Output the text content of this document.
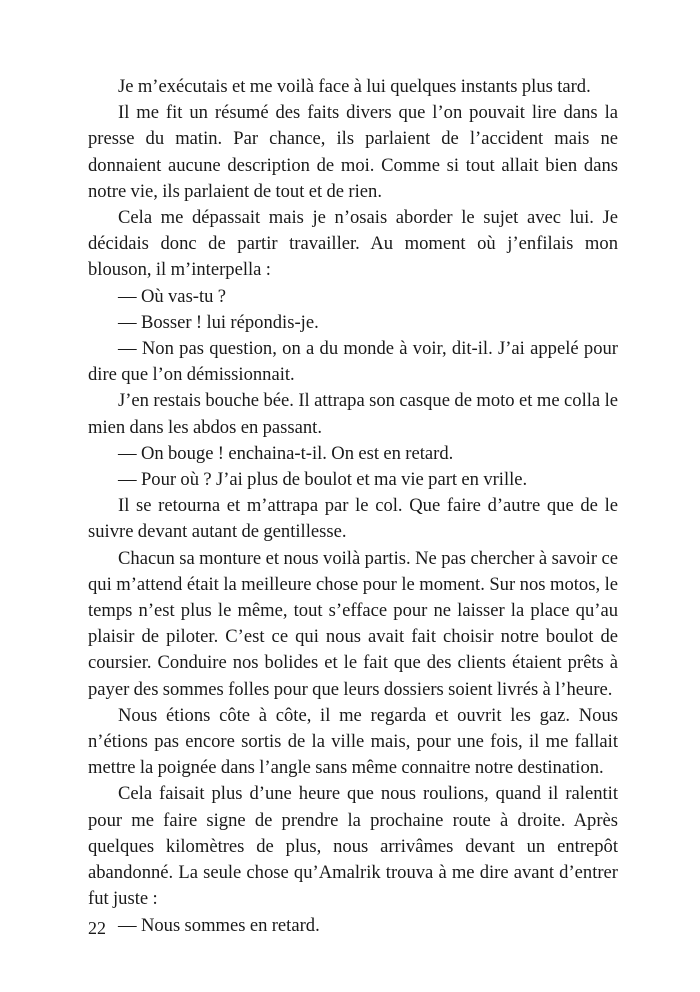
Je m’exécutais et me voilà face à lui quelques instants plus tard.

Il me fit un résumé des faits divers que l’on pouvait lire dans la presse du matin. Par chance, ils parlaient de l’accident mais ne donnaient aucune description de moi. Comme si tout allait bien dans notre vie, ils parlaient de tout et de rien.

Cela me dépassait mais je n’osais aborder le sujet avec lui. Je décidais donc de partir travailler. Au moment où j’enfilais mon blouson, il m’interpella :

— Où vas-tu ?

— Bosser ! lui répondis-je.

— Non pas question, on a du monde à voir, dit-il. J’ai appelé pour dire que l’on démissionnait.

J’en restais bouche bée. Il attrapa son casque de moto et me colla le mien dans les abdos en passant.

— On bouge ! enchaina-t-il. On est en retard.

— Pour où ? J’ai plus de boulot et ma vie part en vrille.

Il se retourna et m’attrapa par le col. Que faire d’autre que de le suivre devant autant de gentillesse.

Chacun sa monture et nous voilà partis. Ne pas chercher à savoir ce qui m’attend était la meilleure chose pour le moment. Sur nos motos, le temps n’est plus le même, tout s’efface pour ne laisser la place qu’au plaisir de piloter. C’est ce qui nous avait fait choisir notre boulot de coursier. Conduire nos bolides et le fait que des clients étaient prêts à payer des sommes folles pour que leurs dossiers soient livrés à l’heure.

Nous étions côte à côte, il me regarda et ouvrit les gaz. Nous n’étions pas encore sortis de la ville mais, pour une fois, il me fallait mettre la poignée dans l’angle sans même connaitre notre destination.

Cela faisait plus d’une heure que nous roulions, quand il ralentit pour me faire signe de prendre la prochaine route à droite. Après quelques kilomètres de plus, nous arrivâmes devant un entrepôt abandonné. La seule chose qu’Amalrik trouva à me dire avant d’entrer fut juste :

— Nous sommes en retard.

22
